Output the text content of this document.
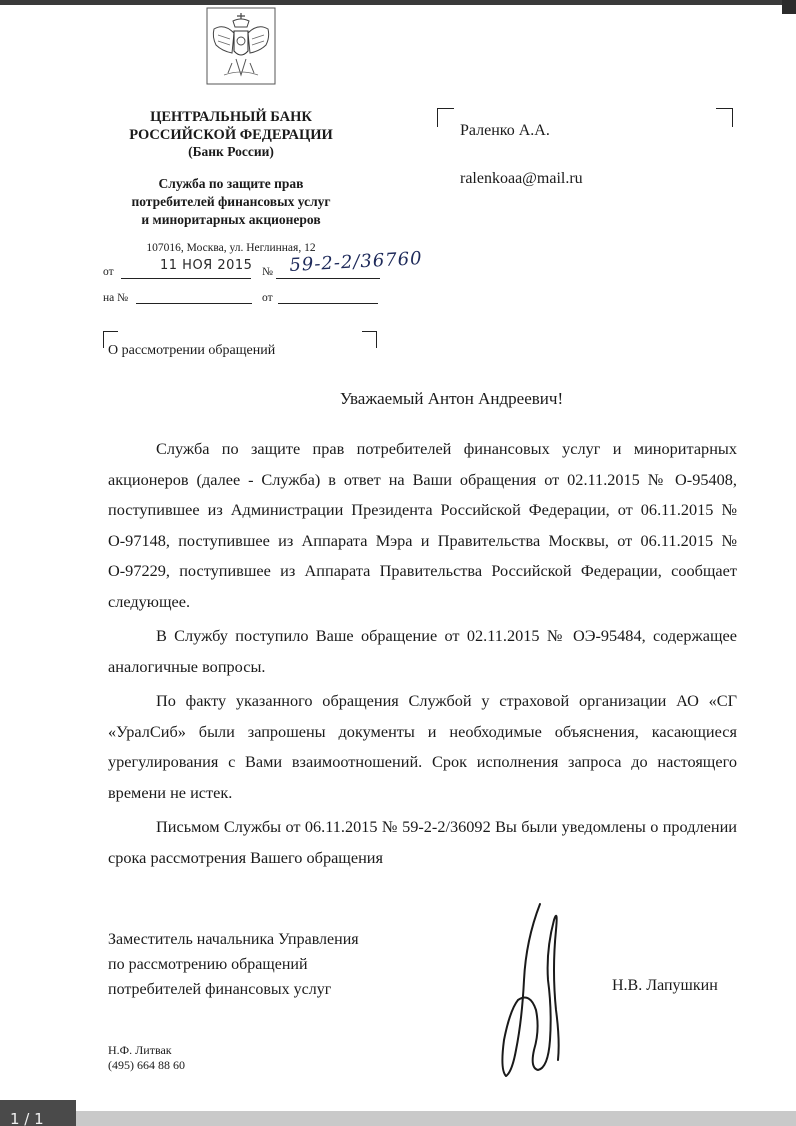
ЦЕНТРАЛЬНЫЙ БАНК
РОССИЙСКОЙ ФЕДЕРАЦИИ
(Банк России)
Служба по защите прав
потребителей финансовых услуг
и миноритарных акционеров
107016, Москва, ул. Неглинная, 12
от	11 НОЯ 2015 № 59-2-2/36760
на №	от
Раленко А.А.
ralenkoaa@mail.ru
О рассмотрении обращений
Уважаемый Антон Андреевич!

Служба по защите прав потребителей финансовых услуг и миноритарных акционеров (далее - Служба) в ответ на Ваши обращения от 02.11.2015 № О-95408, поступившее из Администрации Президента Российской Федерации, от 06.11.2015 № О-97148, поступившее из Аппарата Мэра и Правительства Москвы, от 06.11.2015 № О-97229, поступившее из Аппарата Правительства Российской Федерации, сообщает следующее.

В Службу поступило Ваше обращение от 02.11.2015 № ОЭ-95484, содержащее аналогичные вопросы.

По факту указанного обращения Службой у страховой организации АО «СГ «УралСиб» были запрошены документы и необходимые объяснения, касающиеся урегулирования с Вами взаимоотношений. Срок исполнения запроса до настоящего времени не истек.

Письмом Службы от 06.11.2015 № 59-2-2/36092 Вы были уведомлены о продлении срока рассмотрения Вашего обращения

Заместитель начальника Управления
по рассмотрению обращений
потребителей финансовых услуг	Н.В. Лапушкин
Н.Ф. Литвак
(495) 664 88 60
1 / 1
